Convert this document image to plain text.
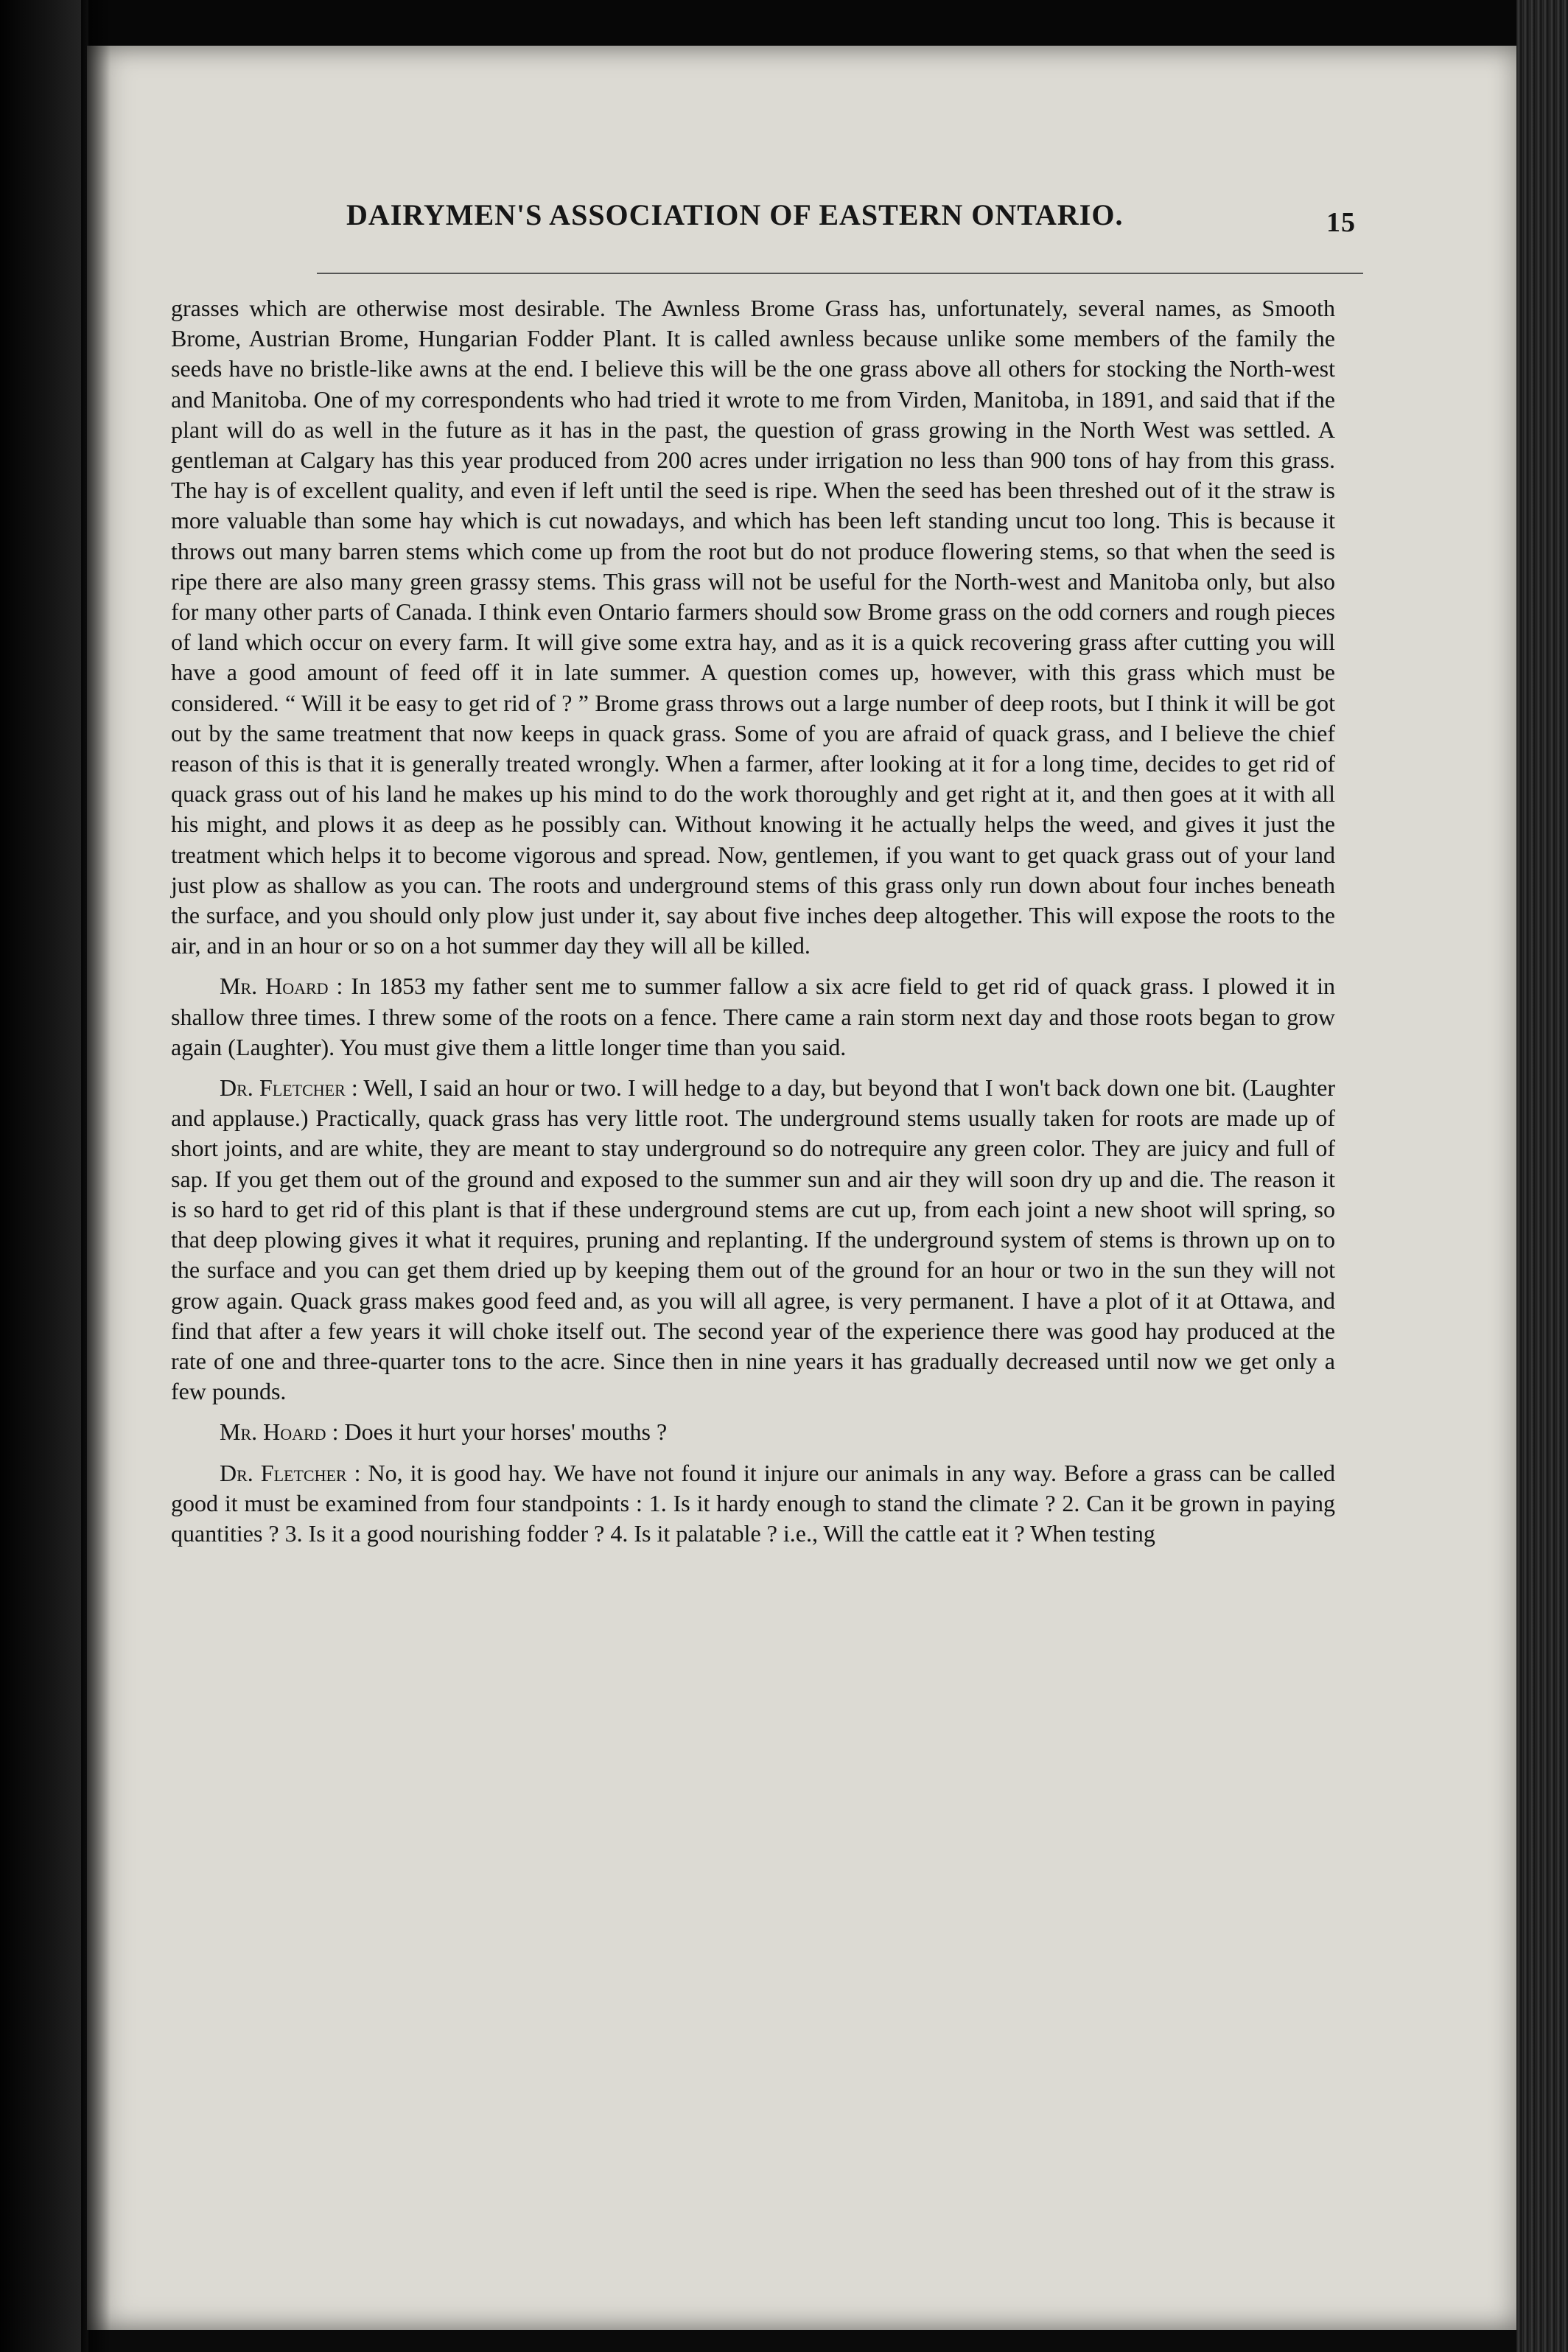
DAIRYMEN'S ASSOCIATION OF EASTERN ONTARIO.	15

grasses which are otherwise most desirable. The Awnless Brome Grass has, unfortunately, several names, as Smooth Brome, Austrian Brome, Hungarian Fodder Plant. It is called awnless because unlike some members of the family the seeds have no bristle-like awns at the end. I believe this will be the one grass above all others for stocking the North-west and Manitoba. One of my correspondents who had tried it wrote to me from Virden, Manitoba, in 1891, and said that if the plant will do as well in the future as it has in the past, the question of grass growing in the North West was settled. A gentleman at Calgary has this year produced from 200 acres under irrigation no less than 900 tons of hay from this grass. The hay is of excellent quality, and even if left until the seed is ripe. When the seed has been threshed out of it the straw is more valuable than some hay which is cut nowadays, and which has been left standing uncut too long. This is because it throws out many barren stems which come up from the root but do not produce flowering stems, so that when the seed is ripe there are also many green grassy stems. This grass will not be useful for the North-west and Manitoba only, but also for many other parts of Canada. I think even Ontario farmers should sow Brome grass on the odd corners and rough pieces of land which occur on every farm. It will give some extra hay, and as it is a quick recovering grass after cutting you will have a good amount of feed off it in late summer. A question comes up, however, with this grass which must be considered. “ Will it be easy to get rid of ? ” Brome grass throws out a large number of deep roots, but I think it will be got out by the same treatment that now keeps in quack grass. Some of you are afraid of quack grass, and I believe the chief reason of this is that it is generally treated wrongly. When a farmer, after looking at it for a long time, decides to get rid of quack grass out of his land he makes up his mind to do the work thoroughly and get right at it, and then goes at it with all his might, and plows it as deep as he possibly can. Without knowing it he actually helps the weed, and gives it just the treatment which helps it to become vigorous and spread. Now, gentlemen, if you want to get quack grass out of your land just plow as shallow as you can. The roots and underground stems of this grass only run down about four inches beneath the surface, and you should only plow just under it, say about five inches deep altogether. This will expose the roots to the air, and in an hour or so on a hot summer day they will all be killed.

Mr. Hoard : In 1853 my father sent me to summer fallow a six acre field to get rid of quack grass. I plowed it in shallow three times. I threw some of the roots on a fence. There came a rain storm next day and those roots began to grow again (Laughter). You must give them a little longer time than you said.

Dr. Fletcher : Well, I said an hour or two. I will hedge to a day, but beyond that I won't back down one bit. (Laughter and applause.) Practically, quack grass has very little root. The underground stems usually taken for roots are made up of short joints, and are white, they are meant to stay underground so do notrequire any green color. They are juicy and full of sap. If you get them out of the ground and exposed to the summer sun and air they will soon dry up and die. The reason it is so hard to get rid of this plant is that if these underground stems are cut up, from each joint a new shoot will spring, so that deep plowing gives it what it requires, pruning and replanting. If the underground system of stems is thrown up on to the surface and you can get them dried up by keeping them out of the ground for an hour or two in the sun they will not grow again. Quack grass makes good feed and, as you will all agree, is very permanent. I have a plot of it at Ottawa, and find that after a few years it will choke itself out. The second year of the experience there was good hay produced at the rate of one and three-quarter tons to the acre. Since then in nine years it has gradually decreased until now we get only a few pounds.

Mr. Hoard : Does it hurt your horses' mouths ?

Dr. Fletcher : No, it is good hay. We have not found it injure our animals in any way. Before a grass can be called good it must be examined from four standpoints : 1. Is it hardy enough to stand the climate ? 2. Can it be grown in paying quantities ? 3. Is it a good nourishing fodder ? 4. Is it palatable ? i.e., Will the cattle eat it ? When testing
